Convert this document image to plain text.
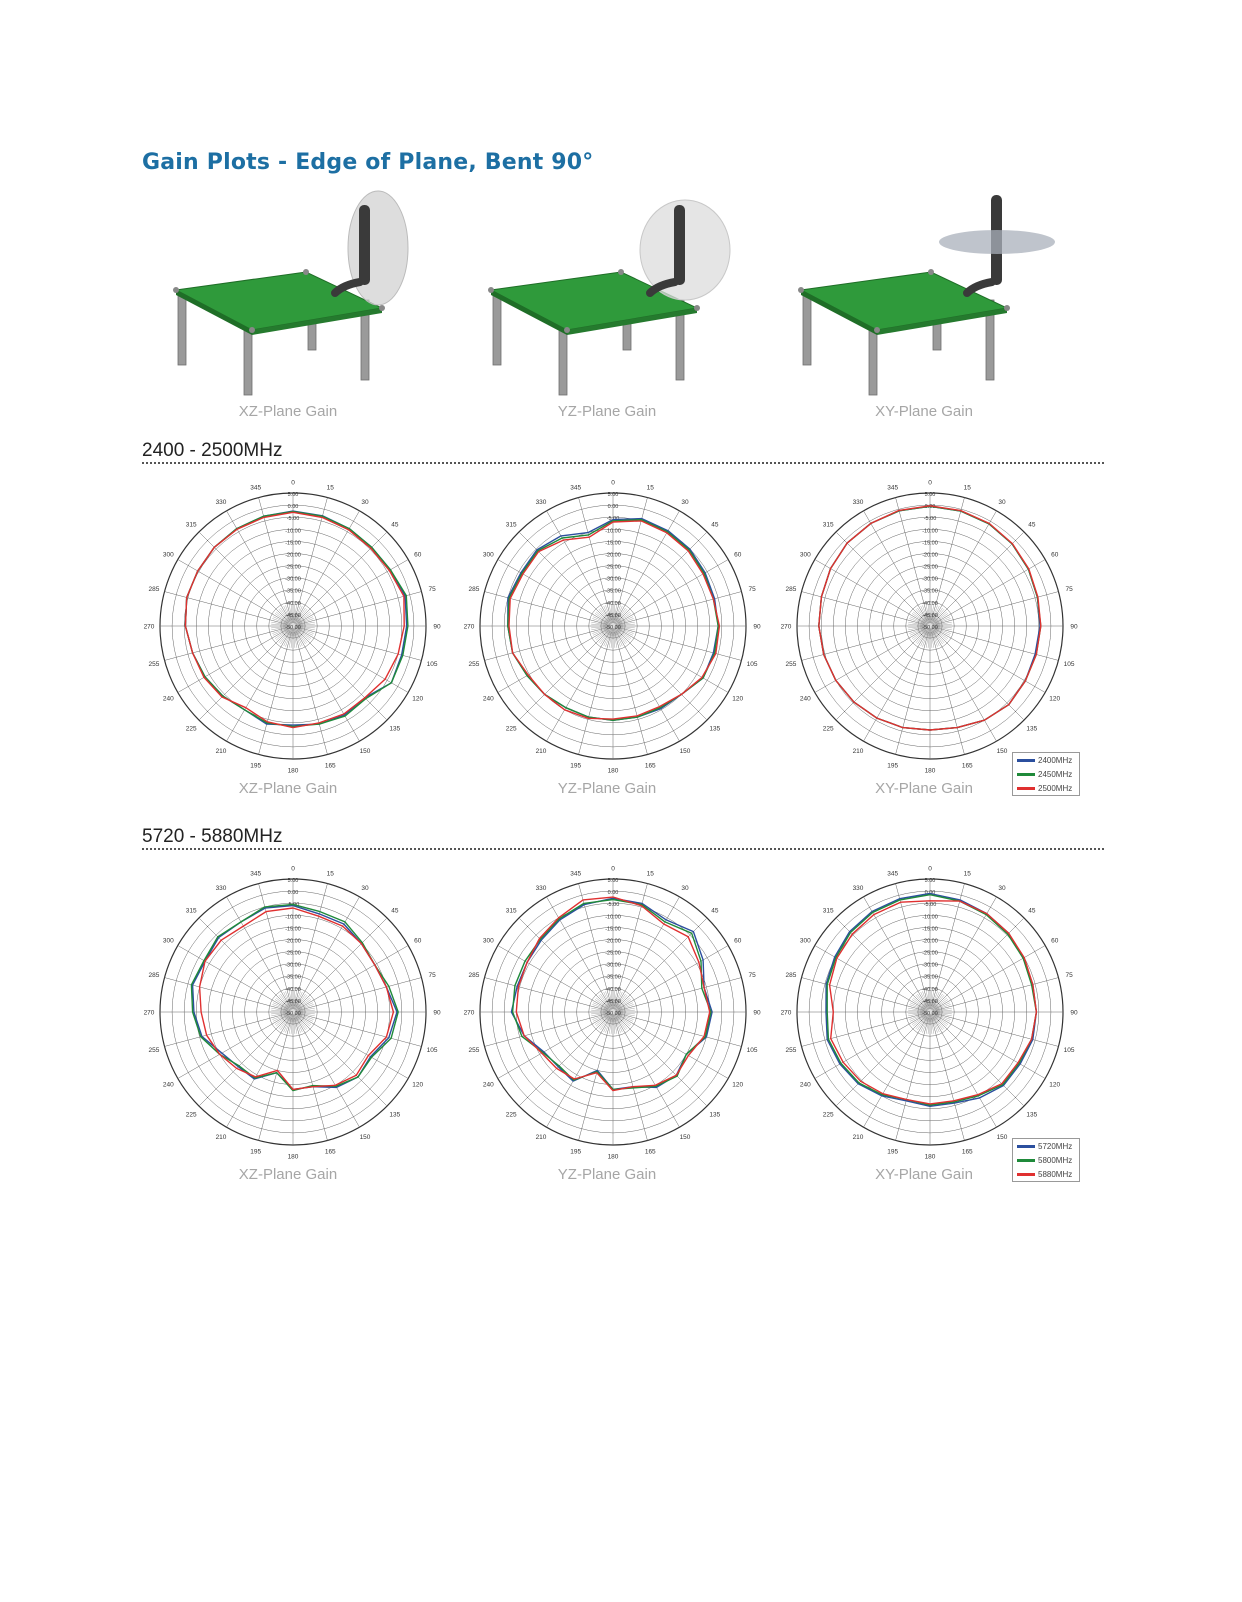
Gain Plots - Edge of Plane, Bent 90°
XZ-Plane Gain	YZ-Plane Gain	XY-Plane Gain
2400 - 2500MHz
0
15
30
45
60
75
90
105
120
135
150
165
180
195
210
225
240
255
270
285
300
315
330
345
5.00
0.00
-5.00
-10.00
-15.00
-20.00
-25.00
-30.00
-35.00
-40.00
-45.00
-50.00
0
15
30
45
60
75
90
105
120
135
150
165
180
195
210
225
240
255
270
285
300
315
330
345
5.00
0.00
-5.00
-10.00
-15.00
-20.00
-25.00
-30.00
-35.00
-40.00
-45.00
-50.00
0
15
30
45
60
75
90
105
120
135
150
165
180
195
210
225
240
255
270
285
300
315
330
345
5.00
0.00
-5.00
-10.00
-15.00
-20.00
-25.00
-30.00
-35.00
-40.00
-45.00
-50.00
XZ-Plane Gain	YZ-Plane Gain	XY-Plane Gain
2400MHz
2450MHz
2500MHz
5720 - 5880MHz
0
15
30
45
60
75
90
105
120
135
150
165
180
195
210
225
240
255
270
285
300
315
330
345
5.00
0.00
-5.00
-10.00
-15.00
-20.00
-25.00
-30.00
-35.00
-40.00
-45.00
-50.00
0
15
30
45
60
75
90
105
120
135
150
165
180
195
210
225
240
255
270
285
300
315
330
345
5.00
0.00
-5.00
-10.00
-15.00
-20.00
-25.00
-30.00
-35.00
-40.00
-45.00
-50.00
0
15
30
45
60
75
90
105
120
135
150
165
180
195
210
225
240
255
270
285
300
315
330
345
5.00
0.00
-5.00
-10.00
-15.00
-20.00
-25.00
-30.00
-35.00
-40.00
-45.00
-50.00
XZ-Plane Gain	YZ-Plane Gain	XY-Plane Gain
5720MHz
5800MHz
5880MHz
